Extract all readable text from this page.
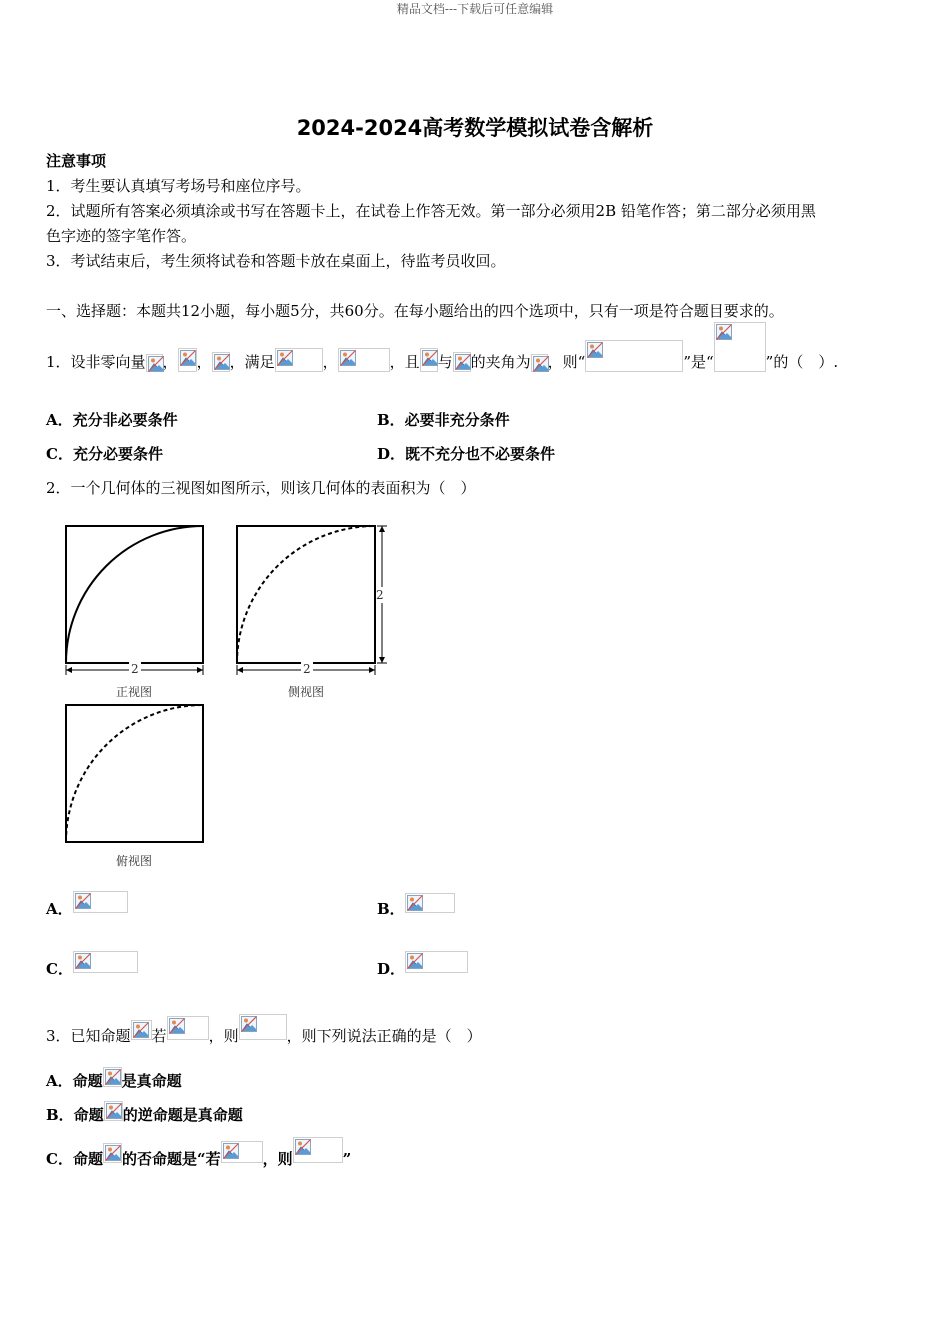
精品文档---下载后可任意编辑
2024-2024高考数学模拟试卷含解析
注意事项
1．考生要认真填写考场号和座位序号。
2．试题所有答案必须填涂或书写在答题卡上，在试卷上作答无效。第一部分必须用2B 铅笔作答；第二部分必须用黑
色字迹的签字笔作答。
3．考试结束后，考生须将试卷和答题卡放在桌面上，待监考员收回。
一、选择题：本题共12小题，每小题5分，共60分。在每小题给出的四个选项中，只有一项是符合题目要求的。
1．设非零向量 ， ， ，满足	，	，且 与 的夹角为 ，则“	”是“	”的（　）.
A．充分非必要条件	B．必要非充分条件
C．充分必要条件	D．既不充分也不必要条件
2．一个几何体的三视图如图所示，则该几何体的表面积为（　）
2	2
2
正视图	侧视图
俯视图
A．	B．
C．	D．
3．已知命题 若	，则	，则下列说法正确的是（　）
A．命题 是真命题
B．命题 的逆命题是真命题
C．命题 的否命题是“若	，则	”
